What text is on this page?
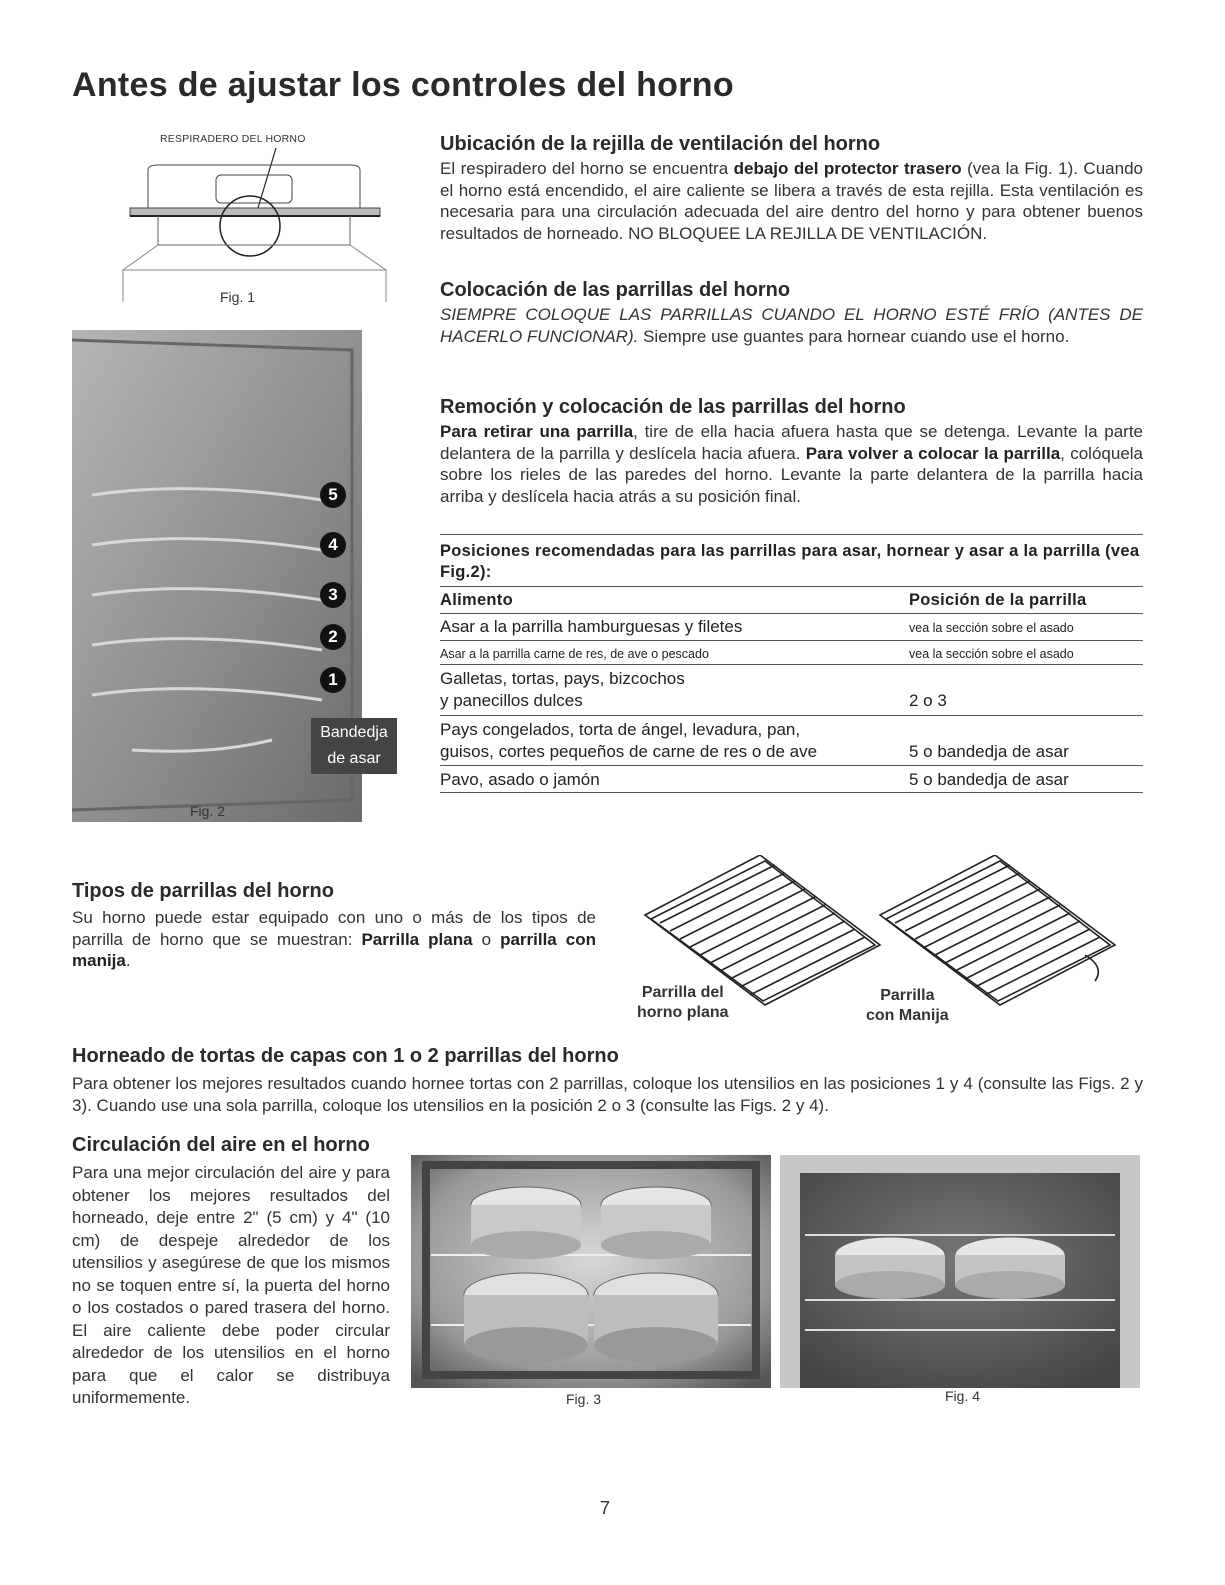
Antes de ajustar los controles del horno
RESPIRADERO DEL HORNO
Fig. 1
5
4
3
2
1
Bandedja
de asar
Fig. 2
Ubicación de la rejilla de ventilación del horno
El respiradero del horno se encuentra debajo del protector trasero (vea la Fig. 1). Cuando el horno está encendido, el aire caliente se libera a través de esta rejilla. Esta ventilación es necesaria para una circulación adecuada del aire dentro del horno y para obtener buenos resultados de horneado. NO BLOQUEE LA REJILLA DE VENTILACIÓN.
Colocación de las parrillas del horno
SIEMPRE COLOQUE LAS PARRILLAS CUANDO EL HORNO ESTÉ FRÍO (ANTES DE HACERLO FUNCIONAR). Siempre use guantes para hornear cuando use el horno.
Remoción y colocación de las parrillas del horno
Para retirar una parrilla, tire de ella hacia afuera hasta que se detenga. Levante la parte delantera de la parrilla y deslícela hacia afuera. Para volver a colocar la parrilla, colóquela sobre los rieles de las paredes del horno. Levante la parte delantera de la parrilla hacia arriba y deslícela hacia atrás a su posición final.
Posiciones recomendadas para las parrillas para asar, hornear y asar a la parrilla (vea Fig.2):
Alimento	Posición de la parrilla
Asar a la parrilla hamburguesas y filetes	vea la sección sobre el asado
Asar a la parrilla carne de res, de ave o pescado	vea la sección sobre el asado
Galletas, tortas, pays, bizcochos
y panecillos dulces	2 o 3
Pays congelados, torta de ángel, levadura, pan,
guisos, cortes pequeños de carne de res o de ave	5 o bandedja de asar
Pavo, asado o jamón	5 o bandedja de asar
Tipos de parrillas del horno
Su horno puede estar equipado con uno o más de los tipos de parrilla de horno que se muestran: Parrilla plana o parrilla con manija.
Parrilla del
horno plana
Parrilla
con Manija
Horneado de tortas de capas con 1 o 2 parrillas del horno
Para obtener los mejores resultados cuando hornee tortas con 2 parrillas, coloque los utensilios en las posiciones 1 y 4 (consulte las Figs. 2 y 3). Cuando use una sola parrilla, coloque los utensilios en la posición 2 o 3 (consulte las Figs. 2 y 4).
Circulación del aire en el horno
Para una mejor circulación del aire y para obtener los mejores resultados del horneado, deje entre 2" (5 cm) y 4" (10 cm) de despeje alrededor de los utensilios y asegúrese de que los mismos no se toquen entre sí, la puerta del horno o los costados o pared trasera del horno. El aire caliente debe poder circular alrededor de los utensilios en el horno para que el calor se distribuya uniformemente.	Fig. 3	Fig. 4
7
